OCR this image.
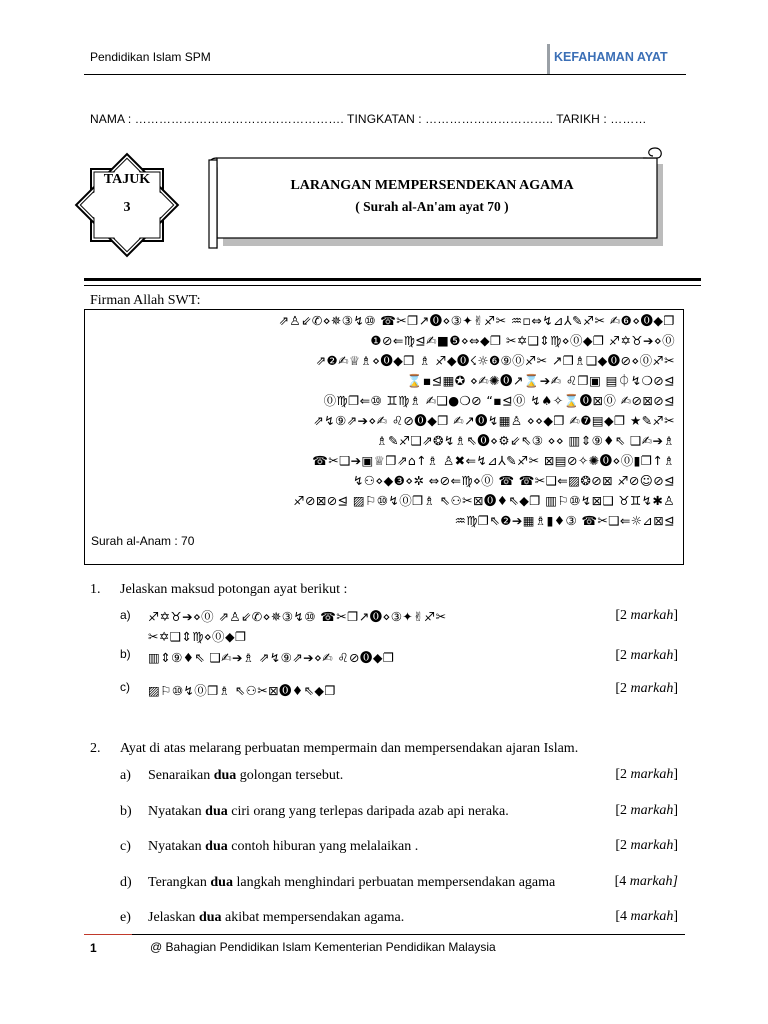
Pendidikan Islam SPM	KEFAHAMAN AYAT
NAMA : ……………………………………………. TINGKATAN : ………………………….. TARIKH : ………
TAJUK
3
LARANGAN MEMPERSENDEKAN AGAMA
( Surah al-An'am ayat 70 )
Firman Allah SWT:
⇗♙⇙✆⋄✵③↯⑩ ☎✂❐↗⓿⋄③✦✌♐✂ ♒▫⇔↯⊿⅄✎♐✂ ✍❻⋄⓿◆❐
❶⊘⇐♍⊴✍■❺⋄⇔◆❐ ✂✡❑⇕♍⋄⓪◆❐ ♐✡♉➔⋄⓪
⇗❷✍♕♗⋄⓿◆❐ ♗ ♐◆⓿☇☼❻⑨⓪♐✂ ↗❐♗❑◆⓿⊘⋄⓪♐✂
⌛▪⊴▦✪ ⋄✍✺⓿↗⌛➔✍ ♌❐▣ ▤⏀↯❍⊘⊴
⓪♍❐⇐⑩ ♊♍♗ ✍❑●❍⊘ “▪⊴⓪ ↯♠✧⌛⓿⊠⓪ ✍⊘⊠⊘⊴
⇗↯⑨⇗➔⋄✍ ♌⊘⓿◆❐ ✍↗⓿↯▦♙ ⋄⋄◆❐ ✍❼▤◆❐ ★✎♐✂
♗✎♐❑⇗❂↯♗⇖⓿⋄⚙⇙⇖③ ⋄⋄ ▥⇕⑨♦⇖ ❑✍➔♗
☎✂❑➔▣♕❐⇗⌂↑♗ ♙✖⇐↯⊿⅄✎♐✂ ⊠▤⊘✧✺⓿⋄⓪▮❐↑♗
↯⚇⋄◆❸⋄✲ ⇔⊘⇐♍⋄⓪ ☎ ☎✂❑⇐▨❂⊘⊠ ♐⊘☺⊘⊴
♐⊘⊠⊘⊴ ▨⚐⑩↯⓪❐♗ ⇖⚇✂⊠⓿♦⇖◆❐ ▥⚐⑩↯⊠❑ ♉♊↯✱♙
♒♍❐⇖❷➔▦♗▮♦③ ☎✂❑⇐☼⊿⊠⊴
Surah al-Anam : 70
1. Jelaskan maksud potongan ayat berikut :
a) ♐✡♉➔⋄⓪ ⇗♙⇙✆⋄✵③↯⑩ ☎✂❐↗⓿⋄③✦✌♐✂
✂✡❑⇕♍⋄⓪◆❐
[2 markah]
b) ▥⇕⑨♦⇖ ❑✍➔♗ ⇗↯⑨⇗➔⋄✍ ♌⊘⓿◆❐	[2 markah]
c) ▨⚐⑩↯⓪❐♗ ⇖⚇✂⊠⓿♦⇖◆❐	[2 markah]
2. Ayat di atas melarang perbuatan mempermain dan mempersendakan ajaran Islam.
a) Senaraikan dua golongan tersebut.	[2 markah]
b) Nyatakan dua ciri orang yang terlepas daripada azab api neraka.	[2 markah]
c) Nyatakan dua contoh hiburan yang melalaikan .	[2 markah]
d) Terangkan dua langkah menghindari perbuatan mempersendakan agama	[4 markah]
e) Jelaskan dua akibat mempersendakan agama.	[4 markah]
1	@ Bahagian Pendidikan Islam Kementerian Pendidikan Malaysia
